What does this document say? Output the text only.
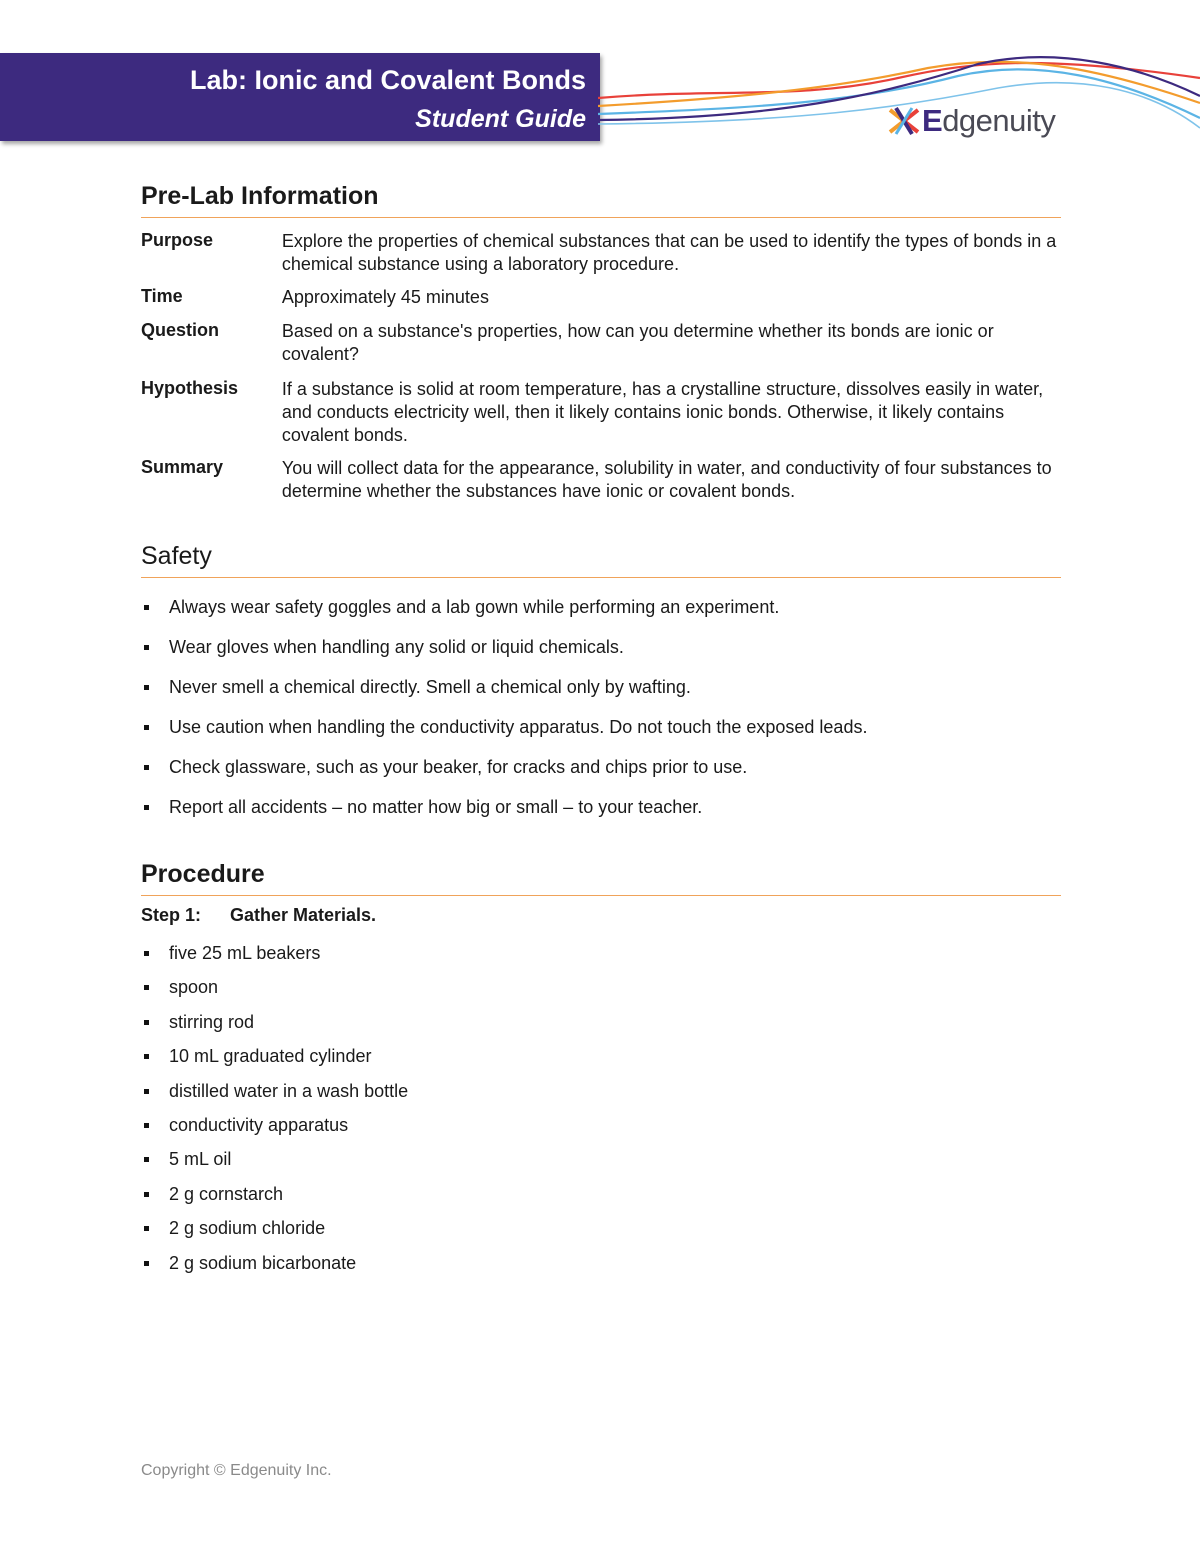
Lab: Ionic and Covalent Bonds
Student Guide	Edgenuity
Pre-Lab Information
Purpose	Explore the properties of chemical substances that can be used to identify the types of bonds in a chemical substance using a laboratory procedure.
Time	Approximately 45 minutes
Question	Based on a substance's properties, how can you determine whether its bonds are ionic or covalent?
Hypothesis	If a substance is solid at room temperature, has a crystalline structure, dissolves easily in water, and conducts electricity well, then it likely contains ionic bonds. Otherwise, it likely contains covalent bonds.
Summary	You will collect data for the appearance, solubility in water, and conductivity of four substances to determine whether the substances have ionic or covalent bonds.
Safety
Always wear safety goggles and a lab gown while performing an experiment.
Wear gloves when handling any solid or liquid chemicals.
Never smell a chemical directly. Smell a chemical only by wafting.
Use caution when handling the conductivity apparatus. Do not touch the exposed leads.
Check glassware, such as your beaker, for cracks and chips prior to use.
Report all accidents – no matter how big or small – to your teacher.
Procedure
Step 1: Gather Materials.
five 25 mL beakers
spoon
stirring rod
10 mL graduated cylinder
distilled water in a wash bottle
conductivity apparatus
5 mL oil
2 g cornstarch
2 g sodium chloride
2 g sodium bicarbonate
Copyright © Edgenuity Inc.
